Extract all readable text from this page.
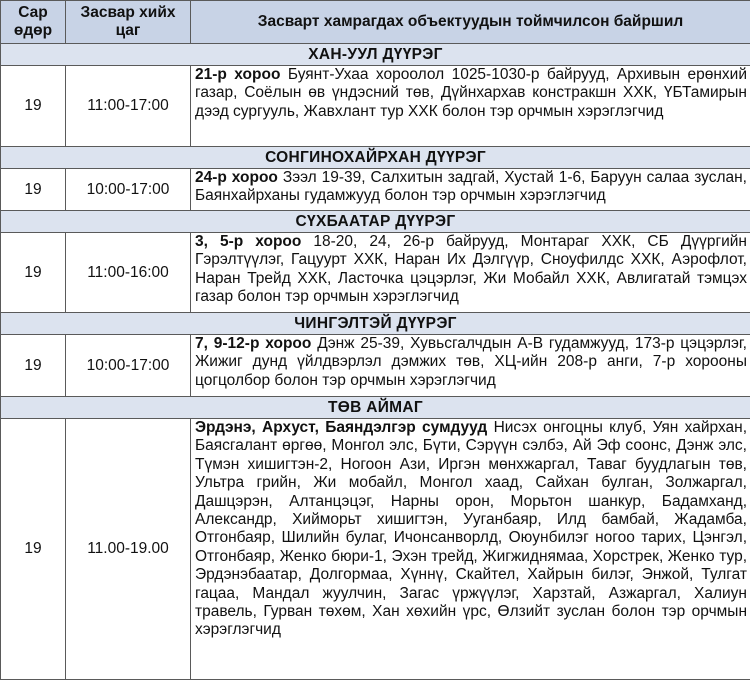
Сар өдөр	Засвар хийх цаг	Засварт хамрагдах объектуудын тоймчилсон байршил
ХАН-УУЛ ДҮҮРЭГ		
19	11:00-17:00	21-р хороо Буянт-Ухаа хороолол 1025-1030-р байрууд, Архивын ерөнхий газар, Соёлын өв үндэсний төв, Дүйнхархав констракшн ХХК, ҮБТамирын дээд сургууль, Жавхлант тур ХХК болон тэр орчмын хэрэглэгчид
СОНГИНОХАЙРХАН ДҮҮРЭГ		
19	10:00-17:00	24-р хороо Зээл 19-39, Салхитын задгай, Хустай 1-6, Баруун салаа зуслан, Баянхайрханы гудамжууд болон тэр орчмын хэрэглэгчид
СҮХБААТАР ДҮҮРЭГ		
19	11:00-16:00	3, 5-р хороо 18-20, 24, 26-р байрууд, Монтараг ХХК, СБ Дүүргийн Гэрэлтүүлэг, Гацуурт ХХК, Наран Их Дэлгүүр, Сноуфилдс ХХК, Аэрофлот, Наран Трейд ХХК, Ласточка цэцэрлэг, Жи Мобайл ХХК, Авлигатай тэмцэх газар болон тэр орчмын хэрэглэгчид
ЧИНГЭЛТЭЙ ДҮҮРЭГ		
19	10:00-17:00	7, 9-12-р хороо Дэнж 25-39, Хувьсгалчдын А-В гудамжууд, 173-р цэцэрлэг, Жижиг дунд үйлдвэрлэл дэмжих төв, ХЦ-ийн 208-р анги, 7-р хорооны цогцолбор болон тэр орчмын хэрэглэгчид
ТӨВ АЙМАГ		
19	11.00-19.00	Эрдэнэ, Архуст, Баяндэлгэр сумдууд Нисэх онгоцны клуб, Уян хайрхан, Баясгалант өргөө, Монгол элс, Бүти, Сэрүүн сэлбэ, Ай Эф соонс, Дэнж элс, Түмэн хишигтэн-2, Ногоон Ази, Иргэн мөнхжаргал, Таваг буудлагын төв, Ультра грийн, Жи мобайл, Монгол хаад, Сайхан булган, Золжаргал, Дашцэрэн, Алтанцэцэг, Нарны орон, Морьтон шанкур, Бадамханд, Александр, Хийморьт хишигтэн, Ууганбаяр, Илд бамбай, Жадамба, Отгонбаяр, Шилийн булаг, Ичонсанворлд, Оюунбилэг ногоо тарих, Цэнгэл, Отгонбаяр, Женко бюри-1, Эхэн трейд, Жигжиднямаа, Хорстрек, Женко тур, Эрдэнэбаатар, Долгормаа, Хүннү, Скайтел, Хайрын билэг, Энжой, Тулгат гацаа, Мандал жуулчин, Загас үржүүлэг, Харзтай, Азжаргал, Халиун травель, Гурван төхөм, Хан хөхийн үрс, Өлзийт зуслан болон тэр орчмын хэрэглэгчид
